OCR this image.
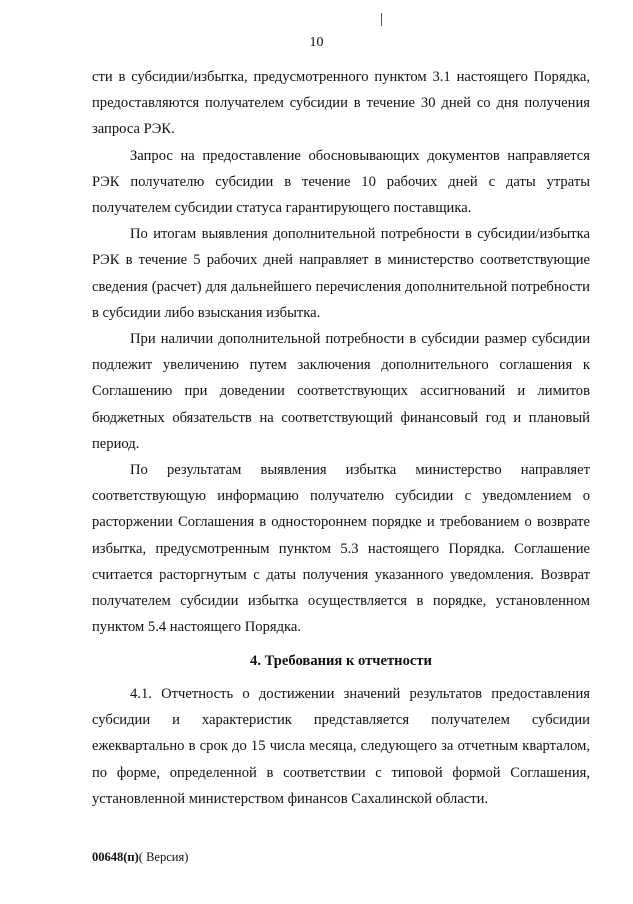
10

сти в субсидии/избытка, предусмотренного пунктом 3.1 настоящего Порядка, предоставляются получателем субсидии в течение 30 дней со дня получения запроса РЭК.

Запрос на предоставление обосновывающих документов направляется РЭК получателю субсидии в течение 10 рабочих дней с даты утраты получателем субсидии статуса гарантирующего поставщика.

По итогам выявления дополнительной потребности в субсидии/избытка РЭК в течение 5 рабочих дней направляет в министерство соответствующие сведения (расчет) для дальнейшего перечисления дополнительной потребности в субсидии либо взыскания избытка.

При наличии дополнительной потребности в субсидии размер субсидии подлежит увеличению путем заключения дополнительного соглашения к Соглашению при доведении соответствующих ассигнований и лимитов бюджетных обязательств на соответствующий финансовый год и плановый период.

По результатам выявления избытка министерство направляет соответствующую информацию получателю субсидии с уведомлением о расторжении Соглашения в одностороннем порядке и требованием о возврате избытка, предусмотренным пунктом 5.3 настоящего Порядка. Соглашение считается расторгнутым с даты получения указанного уведомления. Возврат получателем субсидии избытка осуществляется в порядке, установленном пунктом 5.4 настоящего Порядка.

4. Требования к отчетности

4.1. Отчетность о достижении значений результатов предоставления субсидии и характеристик представляется получателем субсидии ежеквартально в срок до 15 числа месяца, следующего за отчетным кварталом, по форме, определенной в соответствии с типовой формой Соглашения, установленной министерством финансов Сахалинской области.

00648(п)( Версия)
